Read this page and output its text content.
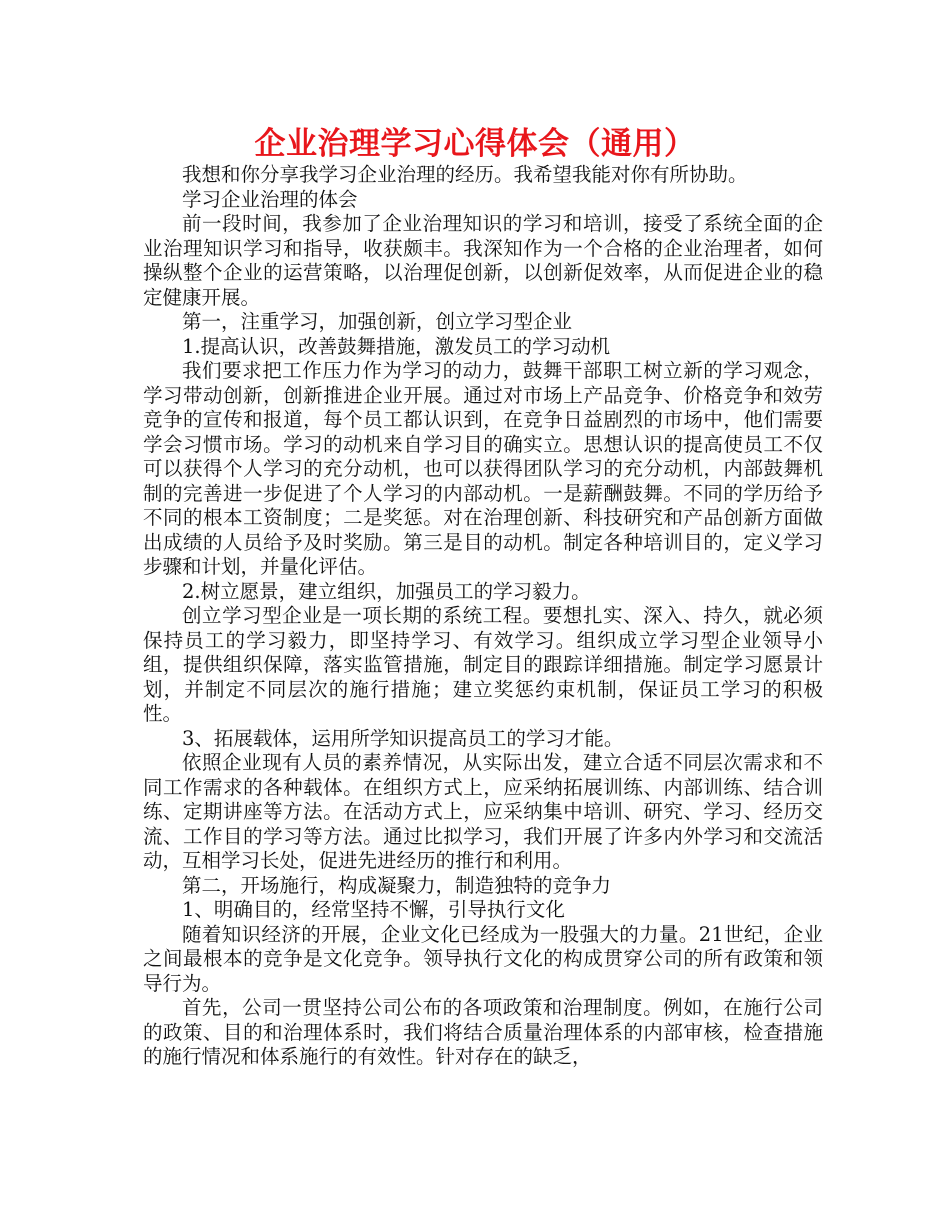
企业治理学习心得体会（通用）

我想和你分享我学习企业治理的经历。我希望我能对你有所协助。

学习企业治理的体会

前一段时间，我参加了企业治理知识的学习和培训，接受了系统全面的企业治理知识学习和指导，收获颇丰。我深知作为一个合格的企业治理者，如何操纵整个企业的运营策略，以治理促创新，以创新促效率，从而促进企业的稳定健康开展。

第一，注重学习，加强创新，创立学习型企业

1.提高认识，改善鼓舞措施，激发员工的学习动机

我们要求把工作压力作为学习的动力，鼓舞干部职工树立新的学习观念，学习带动创新，创新推进企业开展。通过对市场上产品竞争、价格竞争和效劳竞争的宣传和报道，每个员工都认识到，在竞争日益剧烈的市场中，他们需要学会习惯市场。学习的动机来自学习目的确实立。思想认识的提高使员工不仅可以获得个人学习的充分动机，也可以获得团队学习的充分动机，内部鼓舞机制的完善进一步促进了个人学习的内部动机。一是薪酬鼓舞。不同的学历给予不同的根本工资制度；二是奖惩。对在治理创新、科技研究和产品创新方面做出成绩的人员给予及时奖励。第三是目的动机。制定各种培训目的，定义学习步骤和计划，并量化评估。

2.树立愿景，建立组织，加强员工的学习毅力。

创立学习型企业是一项长期的系统工程。要想扎实、深入、持久，就必须保持员工的学习毅力，即坚持学习、有效学习。组织成立学习型企业领导小组，提供组织保障，落实监管措施，制定目的跟踪详细措施。制定学习愿景计划，并制定不同层次的施行措施；建立奖惩约束机制，保证员工学习的积极性。

3、拓展载体，运用所学知识提高员工的学习才能。

依照企业现有人员的素养情况，从实际出发，建立合适不同层次需求和不同工作需求的各种载体。在组织方式上，应采纳拓展训练、内部训练、结合训练、定期讲座等方法。在活动方式上，应采纳集中培训、研究、学习、经历交流、工作目的学习等方法。通过比拟学习，我们开展了许多内外学习和交流活动，互相学习长处，促进先进经历的推行和利用。

第二，开场施行，构成凝聚力，制造独特的竞争力

1、明确目的，经常坚持不懈，引导执行文化

随着知识经济的开展，企业文化已经成为一股强大的力量。21世纪，企业之间最根本的竞争是文化竞争。领导执行文化的构成贯穿公司的所有政策和领导行为。

首先，公司一贯坚持公司公布的各项政策和治理制度。例如，在施行公司的政策、目的和治理体系时，我们将结合质量治理体系的内部审核，检查措施的施行情况和体系施行的有效性。针对存在的缺乏，
